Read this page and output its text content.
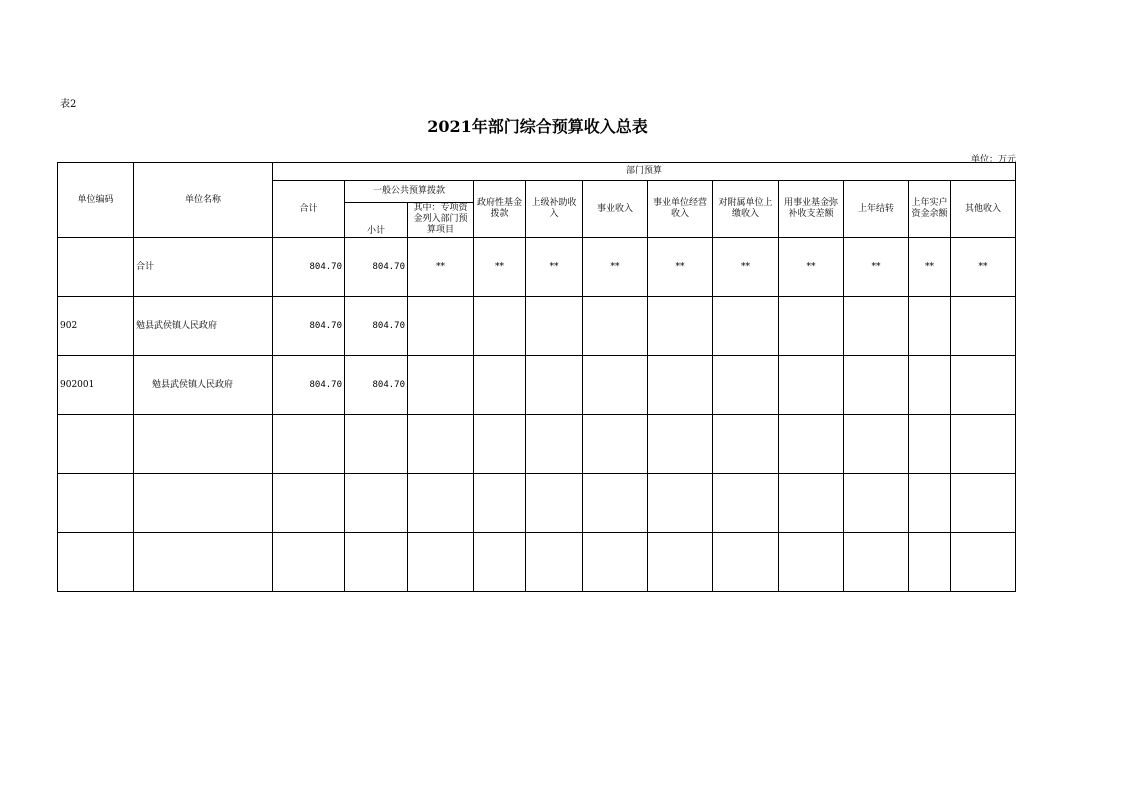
表2
2021年部门综合预算收入总表
单位：万元
单位编码	单位名称	部门预算											
		合计	一般公共预算拨款		政府性基金拨款	上级补助收入	事业收入	事业单位经营收入	对附属单位上缴收入	用事业基金弥补收支差额	上年结转	上年实户资金余额	其他收入
			小计	其中：专项资金列入部门预算项目									
	合计	804.70	804.70	**	**	**	**	**	**	**	**	**	**
902	勉县武侯镇人民政府	804.70	804.70										
902001	勉县武侯镇人民政府	804.70	804.70										
